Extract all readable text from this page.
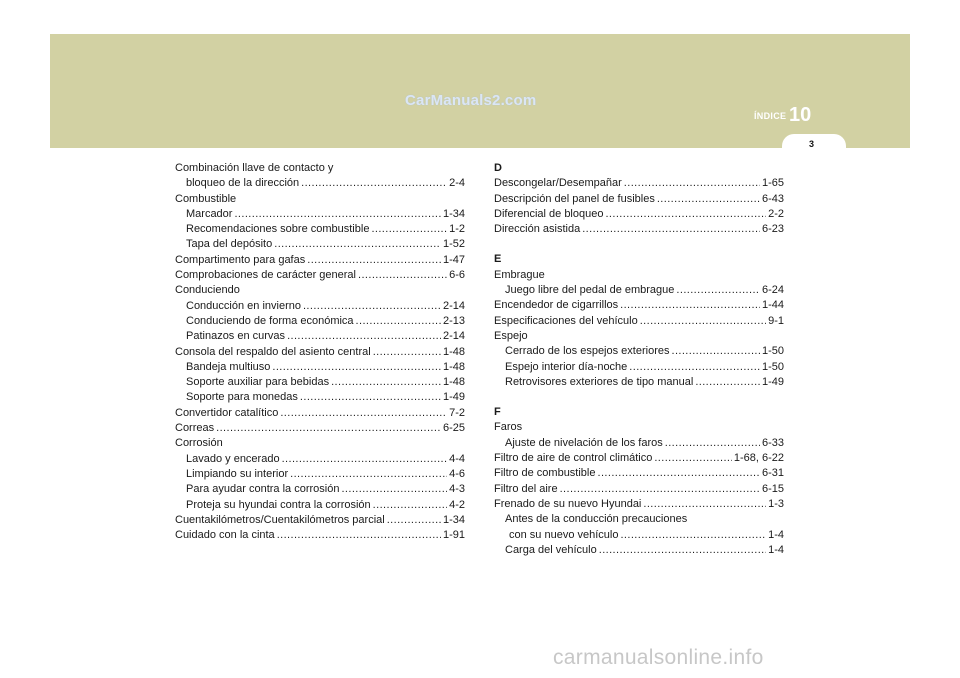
CarManuals2.com
ÍNDICE 10
3
Combinación llave de contacto y
bloqueo de la dirección .....	2-4
Combustible
Marcador .....	1-34
Recomendaciones sobre combustible .....	1-2
Tapa del depósito .....	1-52
Compartimento para gafas .....	1-47
Comprobaciones de carácter general .....	6-6
Conduciendo
Conducción en invierno .....	2-14
Conduciendo de forma económica .....	2-13
Patinazos en curvas .....	2-14
Consola del respaldo del asiento central .....	1-48
Bandeja multiuso .....	1-48
Soporte auxiliar para bebidas .....	1-48
Soporte para monedas .....	1-49
Convertidor catalítico .....	7-2
Correas .....	6-25
Corrosión
Lavado y encerado .....	4-4
Limpiando su interior .....	4-6
Para ayudar contra la corrosión .....	4-3
Proteja su hyundai contra la corrosión .....	4-2
Cuentakilómetros/Cuentakilómetros parcial .....	1-34
Cuidado con la cinta .....	1-91
D
Descongelar/Desempañar .....	1-65
Descripción del panel de fusibles .....	6-43
Diferencial de bloqueo .....	2-2
Dirección asistida .....	6-23
E
Embrague
Juego libre del pedal de embrague .....	6-24
Encendedor de cigarrillos .....	1-44
Especificaciones del vehículo .....	9-1
Espejo
Cerrado de los espejos exteriores .....	1-50
Espejo interior día-noche .....	1-50
Retrovisores exteriores de tipo manual .....	1-49
F
Faros
Ajuste de nivelación de los faros .....	6-33
Filtro de aire de control climático .....	1-68, 6-22
Filtro de combustible .....	6-31
Filtro del aire .....	6-15
Frenado de su nuevo Hyundai .....	1-3
Antes de la conducción precauciones
con su nuevo vehículo .....	1-4
Carga del vehículo .....	1-4
carmanualsonline.info
